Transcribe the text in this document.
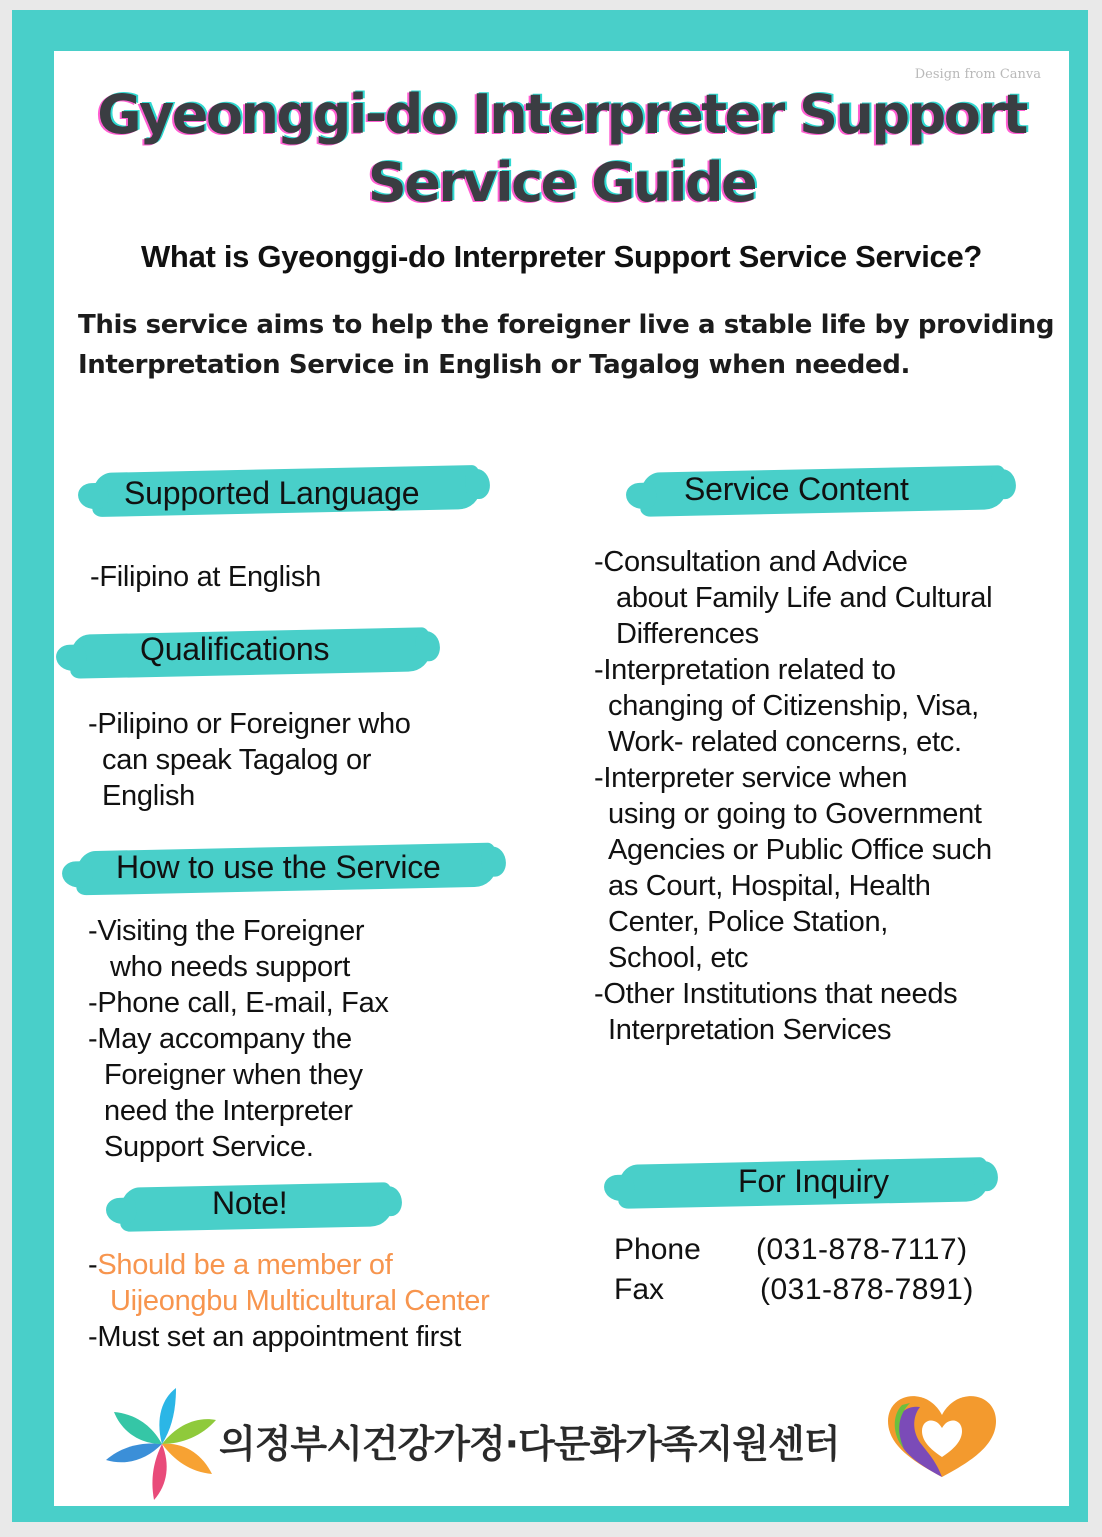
Design from Canva
Gyeonggi-do Interpreter Support
Service Guide
What is Gyeonggi-do Interpreter Support Service Service?
This service aims to help the foreigner live a stable life by providing
Interpretation Service in English or Tagalog when needed.
Supported Language
-Filipino at English
Qualifications
-Pilipino or Foreigner who
can speak Tagalog or
English
How to use the Service
-Visiting the Foreigner
who needs support
-Phone call, E-mail, Fax
-May accompany the
Foreigner when they
need the Interpreter
Support Service.
Note!
-Should be a member of
Uijeongbu Multicultural Center
-Must set an appointment first
Service Content
-Consultation and Advice
about Family Life and Cultural
Differences
-Interpretation related to
changing of Citizenship, Visa,
Work- related concerns, etc.
-Interpreter service when
using or going to Government
Agencies or Public Office such
as Court, Hospital, Health
Center, Police Station,
School, etc
-Other Institutions that needs
Interpretation Services
For Inquiry
Phone (031-878-7117)
Fax	(031-878-7891)
의정부시건강가정·다문화가족지원센터
